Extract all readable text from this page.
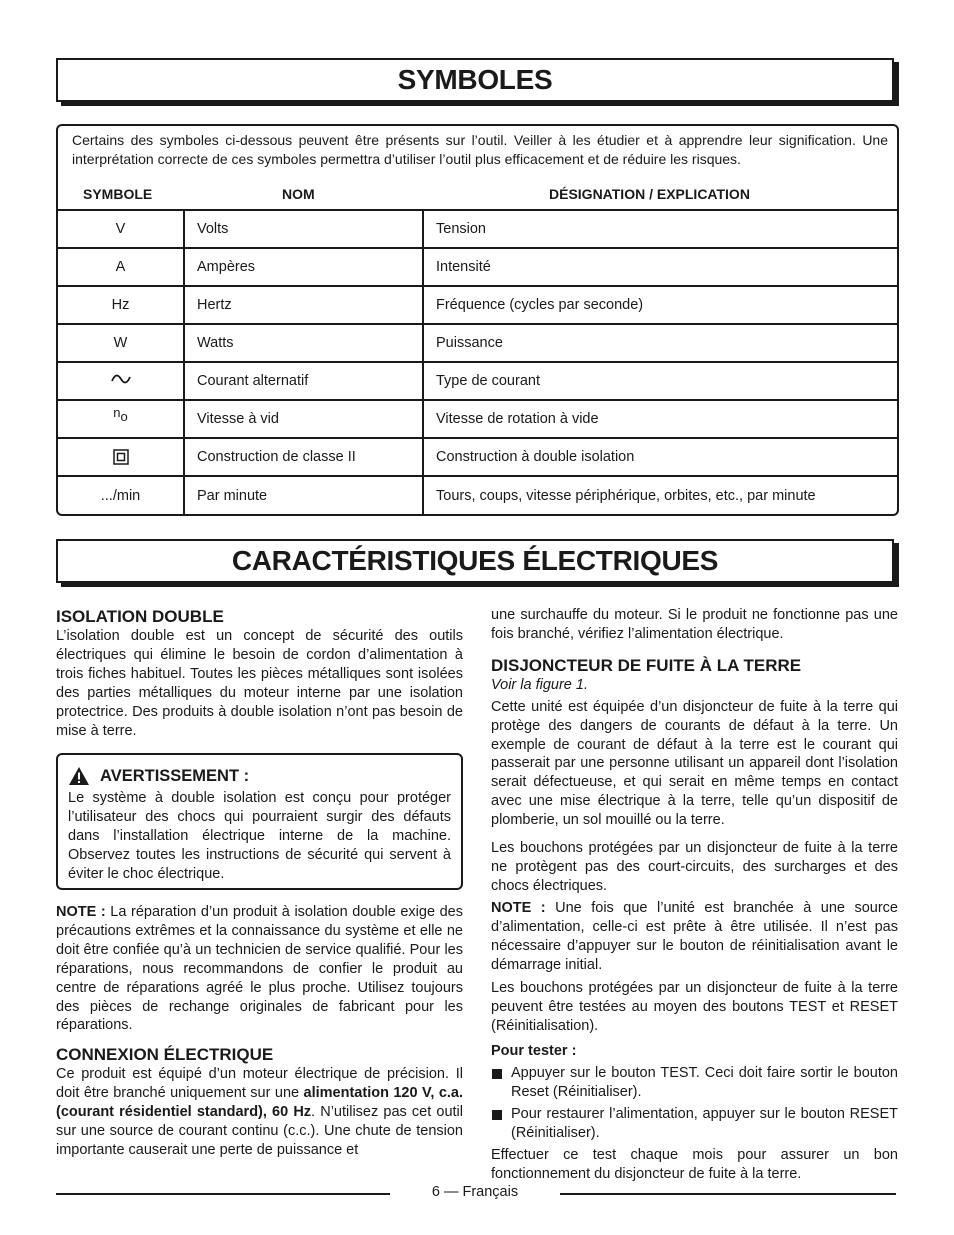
SYMBOLES

Certains des symboles ci-dessous peuvent être présents sur l’outil. Veiller à les étudier et à apprendre leur signification. Une interprétation correcte de ces symboles permettra d’utiliser l’outil plus efficacement et de réduire les risques.

SYMBOLE	NOM	DÉSIGNATION / EXPLICATION
V	Volts	Tension
A	Ampères	Intensité
Hz	Hertz	Fréquence (cycles par seconde)
W	Watts	Puissance
	Courant alternatif	Type de courant
no	Vitesse à vid	Vitesse de rotation à vide
	Construction de classe II	Construction à double isolation
.../min	Par minute	Tours, coups, vitesse périphérique, orbites, etc., par minute
CARACTÉRISTIQUES ÉLECTRIQUES
ISOLATION DOUBLE

L’isolation double est un concept de sécurité des outils électriques qui élimine le besoin de cordon d’alimentation à trois fiches habituel. Toutes les pièces métalliques sont isolées des parties métalliques du moteur interne par une isolation protectrice. Des produits à double isolation n’ont pas besoin de mise à terre.

AVERTISSEMENT :

Le système à double isolation est conçu pour protéger l’utilisateur des chocs qui pourraient surgir des défauts dans l’installation électrique interne de la machine. Observez toutes les instructions de sécurité qui servent à éviter le choc électrique.

NOTE : La réparation d’un produit à isolation double exige des précautions extrêmes et la connaissance du système et elle ne doit être confiée qu’à un technicien de service qualifié. Pour les réparations, nous recommandons de confier le produit au centre de réparations agréé le plus proche. Utilisez toujours des pièces de rechange originales de fabricant pour les réparations.

CONNEXION ÉLECTRIQUE

Ce produit est équipé d’un moteur électrique de précision. Il doit être branché uniquement sur une alimentation 120 V, c.a. (courant résidentiel standard), 60 Hz. N’utilisez pas cet outil sur une source de courant continu (c.c.). Une chute de tension importante causerait une perte de puissance et

une surchauffe du moteur. Si le produit ne fonctionne pas une fois branché, vérifiez l’alimentation électrique.

DISJONCTEUR DE FUITE À LA TERRE

Voir la figure 1.

Cette unité est équipée d’un disjoncteur de fuite à la terre qui protège des dangers de courants de défaut à la terre. Un exemple de courant de défaut à la terre est le courant qui passerait par une personne utilisant un appareil dont l’isolation serait défectueuse, et qui serait en même temps en contact avec une mise électrique à la terre, telle qu’un dispositif de plomberie, un sol mouillé ou la terre.

Les bouchons protégées par un disjoncteur de fuite à la terre ne protègent pas des court-circuits, des surcharges et des chocs électriques.

NOTE : Une fois que l’unité est branchée à une source d’alimentation, celle-ci est prête à être utilisée. Il n’est pas nécessaire d’appuyer sur le bouton de réinitialisation avant le démarrage initial.

Les bouchons protégées par un disjoncteur de fuite à la terre peuvent être testées au moyen des boutons TEST et RESET (Réinitialisation).

Pour tester :

Appuyer sur le bouton TEST. Ceci doit faire sortir le bouton Reset (Réinitialiser).
Pour restaurer l’alimentation, appuyer sur le bouton RESET (Réinitialiser).

Effectuer ce test chaque mois pour assurer un bon fonctionnement du disjoncteur de fuite à la terre.

6 — Français
